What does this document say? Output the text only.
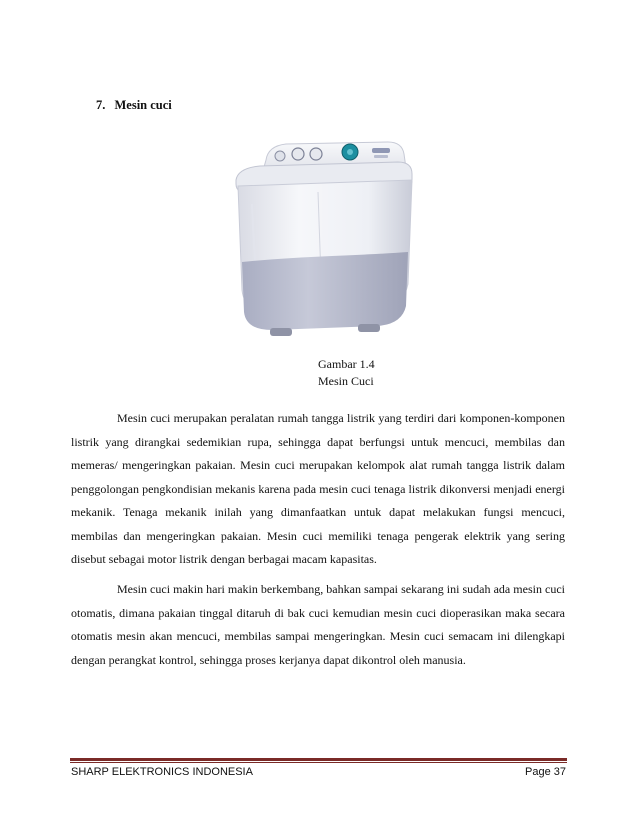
7. Mesin cuci
Gambar 1.4
Mesin Cuci

Mesin cuci merupakan peralatan rumah tangga listrik yang terdiri dari komponen-komponen listrik yang dirangkai sedemikian rupa, sehingga dapat berfungsi untuk mencuci, membilas dan memeras/ mengeringkan pakaian. Mesin cuci merupakan kelompok alat rumah tangga listrik dalam penggolongan pengkondisian mekanis karena pada mesin cuci tenaga listrik dikonversi menjadi energi mekanik. Tenaga mekanik inilah yang dimanfaatkan untuk dapat melakukan fungsi mencuci, membilas dan mengeringkan pakaian. Mesin cuci memiliki tenaga pengerak elektrik yang sering disebut sebagai motor listrik dengan berbagai macam kapasitas.

Mesin cuci makin hari makin berkembang, bahkan sampai sekarang ini sudah ada mesin cuci otomatis, dimana pakaian tinggal ditaruh di bak cuci kemudian mesin cuci dioperasikan maka secara otomatis mesin akan mencuci, membilas sampai mengeringkan. Mesin cuci semacam ini dilengkapi dengan perangkat kontrol, sehingga proses kerjanya dapat dikontrol oleh manusia.

SHARP ELEKTRONICS INDONESIA	Page 37
